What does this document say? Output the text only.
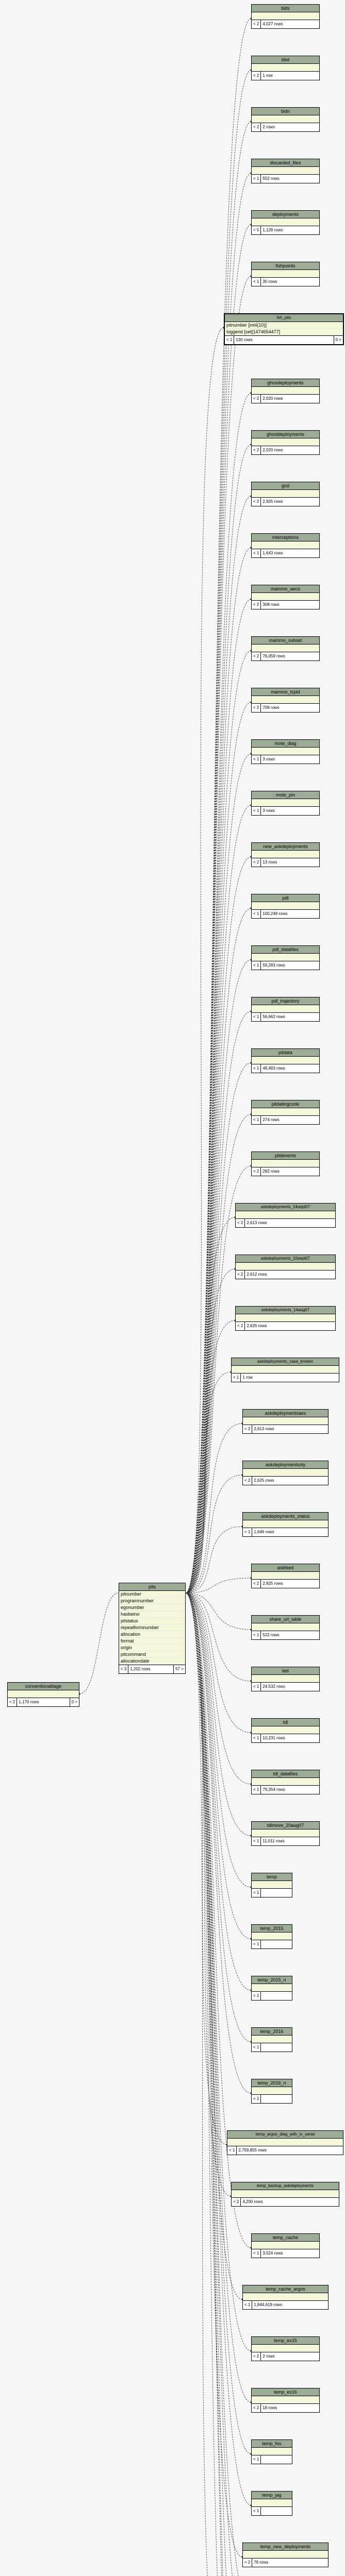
conventionalitage
< 2 1,170 rows	0 >
pits
pitnumber
programnumber
egonumber
hasbeino
pitstatus
repeatformnumber
allocation
format
origin
pitcommand
allocationdate
< 3 1,202 rows	57 >
bids
< 2 4,027 rows
bbd
< 2 1 row
bidn
< 2 2 rows
discarded_files
< 1 552 rows
deployments
< 5 1,128 rows
fishpoints
< 1 30 rows
fsh_pits
pitnumber [int4(10)]
loggerid [set[1474654477]
< 1 130 rows	0 >
ghosdeployments
< 2 2,020 rows
ghostdeployments
< 2 2,020 rows
grid
< 2 2,925 rows
interceptions
< 1 1,643 rows
mammo_aeco
< 2 308 rows
mammo_subset
< 2 76,059 rows
mammo_tcpid
< 2 709 rows
mote_diag
< 1 3 rows
mote_pin
< 1 3 rows
new_askdeployments
< 2 13 rows
pdl
< 1 100,249 rows
pdl_datafiles
< 1 59,283 rows
pdl_trajectory
< 1 56,662 rows
pitdata
< 1 49,483 rows
pitdatingcode
< 1 274 rows
pitdevents
< 2 282 rows
askdeployments_24sept07
< 2 2,613 rows
askdeployments_10sept07
< 2 2,612 rows
askdeployments_14aug07
< 2 2,625 rows
askdeployments_case_broken
< 1 1 row
askdeploymentsaes
< 2 2,613 rows
askdeploymentsoty
< 2 2,625 rows
askdeployments_status
< 1 1,646 rows
askfeed
< 2 2,925 rows
share_url_table
< 1 522 rows
ted
< 1 24,532 rows
tdl
< 1 10,231 rows
tdl_datafiles
< 1 79,354 rows
tdlmove_20aug07
< 1 11,011 rows
temp
< 1
temp_2015
< 1
temp_2015_n
< 1
temp_2016
< 1
temp_2016_n
< 1
temp_argos_diag_with_tx_serial
< 1 2,759,855 rows
temp_backup_askdeployments
< 2 4,200 rows
temp_cache
< 1 3,524 rows
temp_cache_argos
< 1 1,844,619 rows
temp_ex15
< 2 2 rows
temp_ex16
< 2 18 rows
temp_fos
< 1
temp_jag
< 1
temp_new_deployments
< 2 76 rows
